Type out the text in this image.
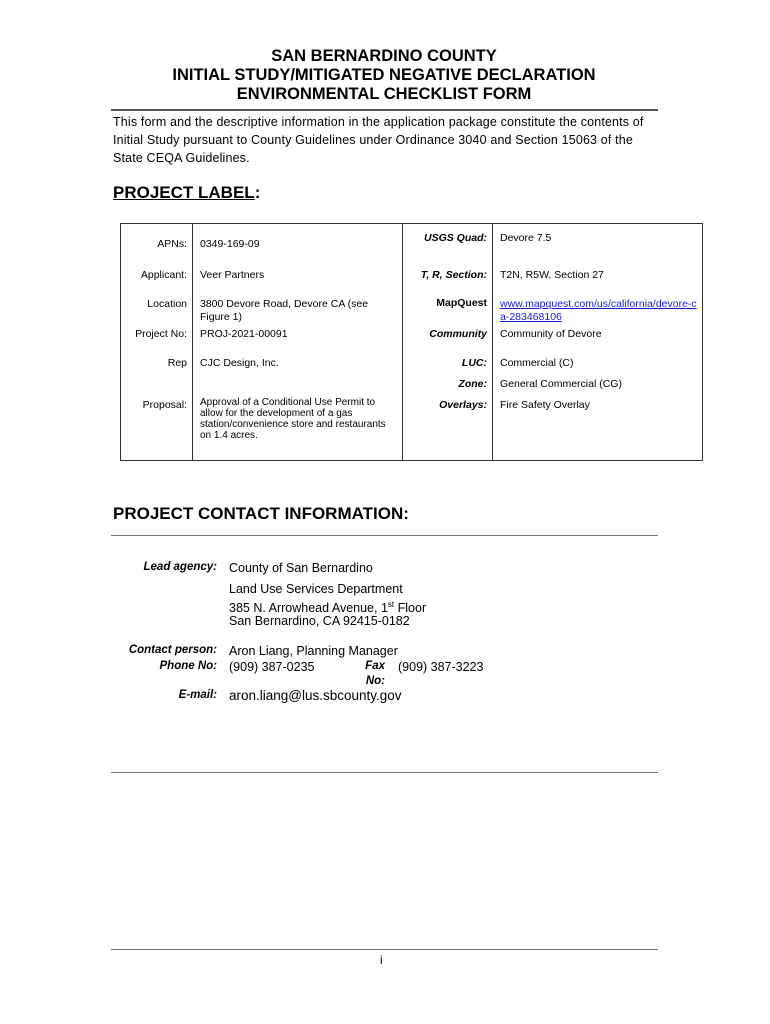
SAN BERNARDINO COUNTY
INITIAL STUDY/MITIGATED NEGATIVE DECLARATION
ENVIRONMENTAL CHECKLIST FORM
This form and the descriptive information in the application package constitute the contents of Initial Study pursuant to County Guidelines under Ordinance 3040 and Section 15063 of the State CEQA Guidelines.
PROJECT LABEL:
APNs: 0349-169-09
Applicant: Veer Partners
Location 3800 Devore Road, Devore CA (see Figure 1)
Project No: PROJ-2021-00091
Rep CJC Design, Inc.
Proposal: Approval of a Conditional Use Permit to allow for the development of a gas station/convenience store and restaurants on 1.4 acres.
USGS Quad: Devore 7.5
T, R, Section: T2N, R5W, Section 27
MapQuest www.mapquest.com/us/california/devore-ca-283468106
Community Community of Devore
LUC: Commercial (C)
Zone: General Commercial (CG)
Overlays: Fire Safety Overlay
PROJECT CONTACT INFORMATION:
Lead agency: County of San Bernardino
Land Use Services Department
385 N. Arrowhead Avenue, 1st Floor
San Bernardino, CA 92415-0182
Contact person: Aron Liang, Planning Manager
Phone No: (909) 387-0235	Fax
No:
(909) 387-3223
E-mail: aron.liang@lus.sbcounty.gov
i
